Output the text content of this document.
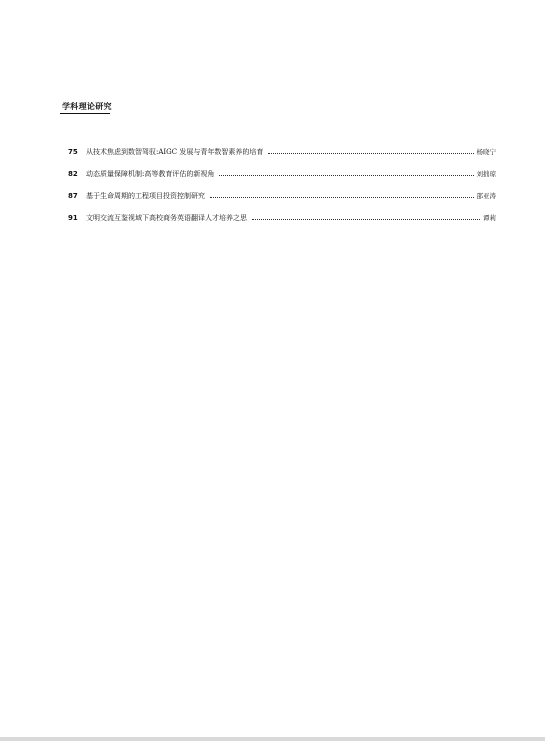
学科理论研究
75	从技术焦虑到数智驾驭:AIGC 发展与青年数智素养的培育	杨晓宁
82	动态质量保障机制:高等教育评估的新视角	刘拙琼
87	基于生命周期的工程项目投资控制研究	邵亚涛
91	文明交流互鉴视域下高校商务英语翻译人才培养之思	谭莉
